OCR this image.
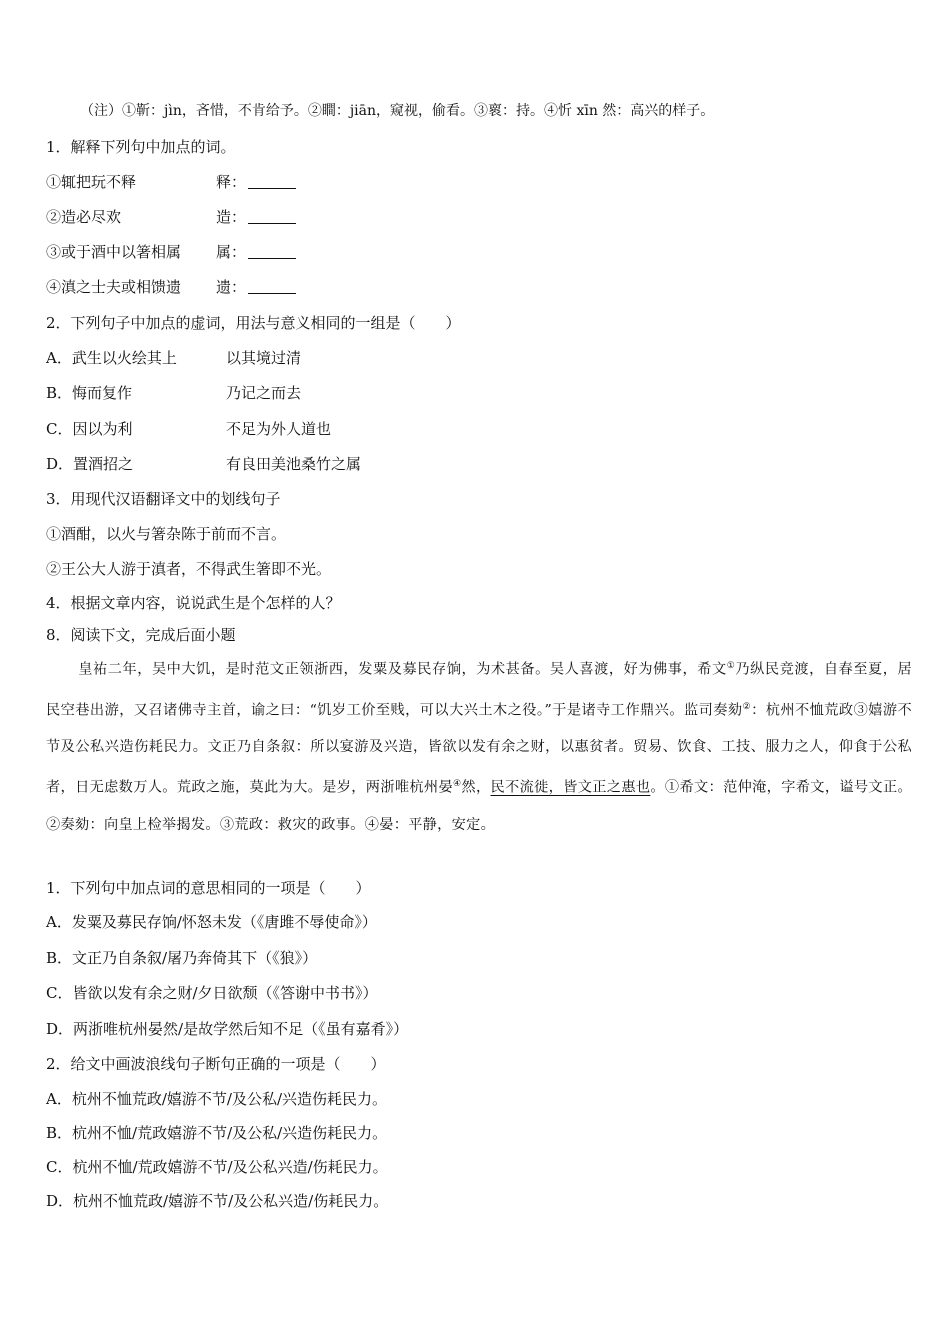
（注）①靳：jìn，吝惜，不肯给予。②瞷：jiān，窥视，偷看。③褱：持。④忻 xīn 然：高兴的样子。
1．解释下列句中加点的词。
①辄把玩不释	释：
②造必尽欢	造：
③或于酒中以箸相属 属：
④滇之士夫或相馈遗 遗：
2．下列句子中加点的虚词，用法与意义相同的一组是（　　）
A．武生以火绘其上	以其境过清
B．悔而复作	乃记之而去
C．因以为利	不足为外人道也
D．置酒招之	有良田美池桑竹之属
3．用现代汉语翻译文中的划线句子
①酒酣，以火与箸杂陈于前而不言。
②王公大人游于滇者，不得武生箸即不光。
4．根据文章内容，说说武生是个怎样的人？
8．阅读下文，完成后面小题
皇祐二年，吴中大饥，是时范文正领浙西，发粟及募民存饷，为术甚备。吴人喜渡，好为佛事，希文①乃纵民竞渡，自春至夏，居民空巷出游，又召诸佛寺主首，谕之曰：“饥岁工价至贱，可以大兴土木之役。”于是诸寺工作鼎兴。监司奏劾②：杭州不恤荒政③嬉游不节及公私兴造伤耗民力。文正乃自条叙：所以宴游及兴造，皆欲以发有余之财，以惠贫者。贸易、饮食、工技、服力之人，仰食于公私者，日无虑数万人。荒政之施，莫此为大。是岁，两浙唯杭州晏④然，民不流徙，皆文正之惠也。①希文：范仲淹，字希文，谥号文正。②奏劾：向皇上检举揭发。③荒政：救灾的政事。④晏：平静，安定。
1．下列句中加点词的意思相同的一项是（　　）
A．发粟及募民存饷/怀怒未发（《唐雎不辱使命》）
B．文正乃自条叙/屠乃奔倚其下（《狼》）
C．皆欲以发有余之财/夕日欲颓（《答谢中书书》）
D．两浙唯杭州晏然/是故学然后知不足（《虽有嘉肴》）
2．给文中画波浪线句子断句正确的一项是（　　）
A．杭州不恤荒政/嬉游不节/及公私/兴造伤耗民力。
B．杭州不恤/荒政嬉游不节/及公私/兴造伤耗民力。
C．杭州不恤/荒政嬉游不节/及公私兴造/伤耗民力。
D．杭州不恤荒政/嬉游不节/及公私兴造/伤耗民力。
